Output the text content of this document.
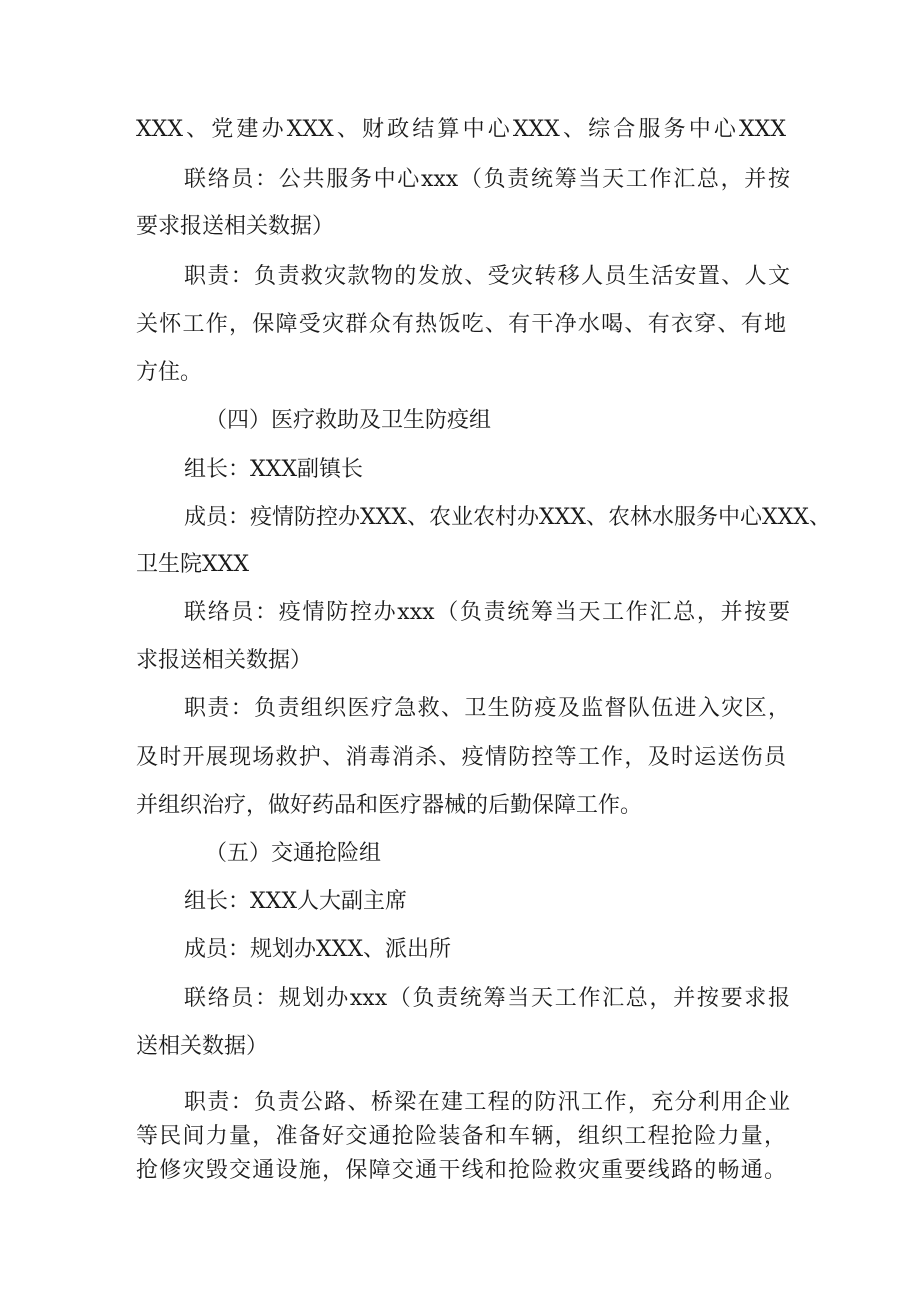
XXX、党建办XXX、财政结算中心XXX、综合服务中心XXX
联络员：公共服务中心xxx（负责统筹当天工作汇总，并按
要求报送相关数据）
职责：负责救灾款物的发放、受灾转移人员生活安置、人文
关怀工作，保障受灾群众有热饭吃、有干净水喝、有衣穿、有地
方住。
（四）医疗救助及卫生防疫组
组长：XXX副镇长
成员：疫情防控办XXX、农业农村办XXX、农林水服务中心XXX、
卫生院XXX
联络员：疫情防控办xxx（负责统筹当天工作汇总，并按要
求报送相关数据）
职责：负责组织医疗急救、卫生防疫及监督队伍进入灾区，
及时开展现场救护、消毒消杀、疫情防控等工作，及时运送伤员
并组织治疗，做好药品和医疗器械的后勤保障工作。
（五）交通抢险组
组长：XXX人大副主席
成员：规划办XXX、派出所
联络员：规划办xxx（负责统筹当天工作汇总，并按要求报
送相关数据）
职责：负责公路、桥梁在建工程的防汛工作，充分利用企业
等民间力量，准备好交通抢险装备和车辆，组织工程抢险力量，
抢修灾毁交通设施，保障交通干线和抢险救灾重要线路的畅通。
